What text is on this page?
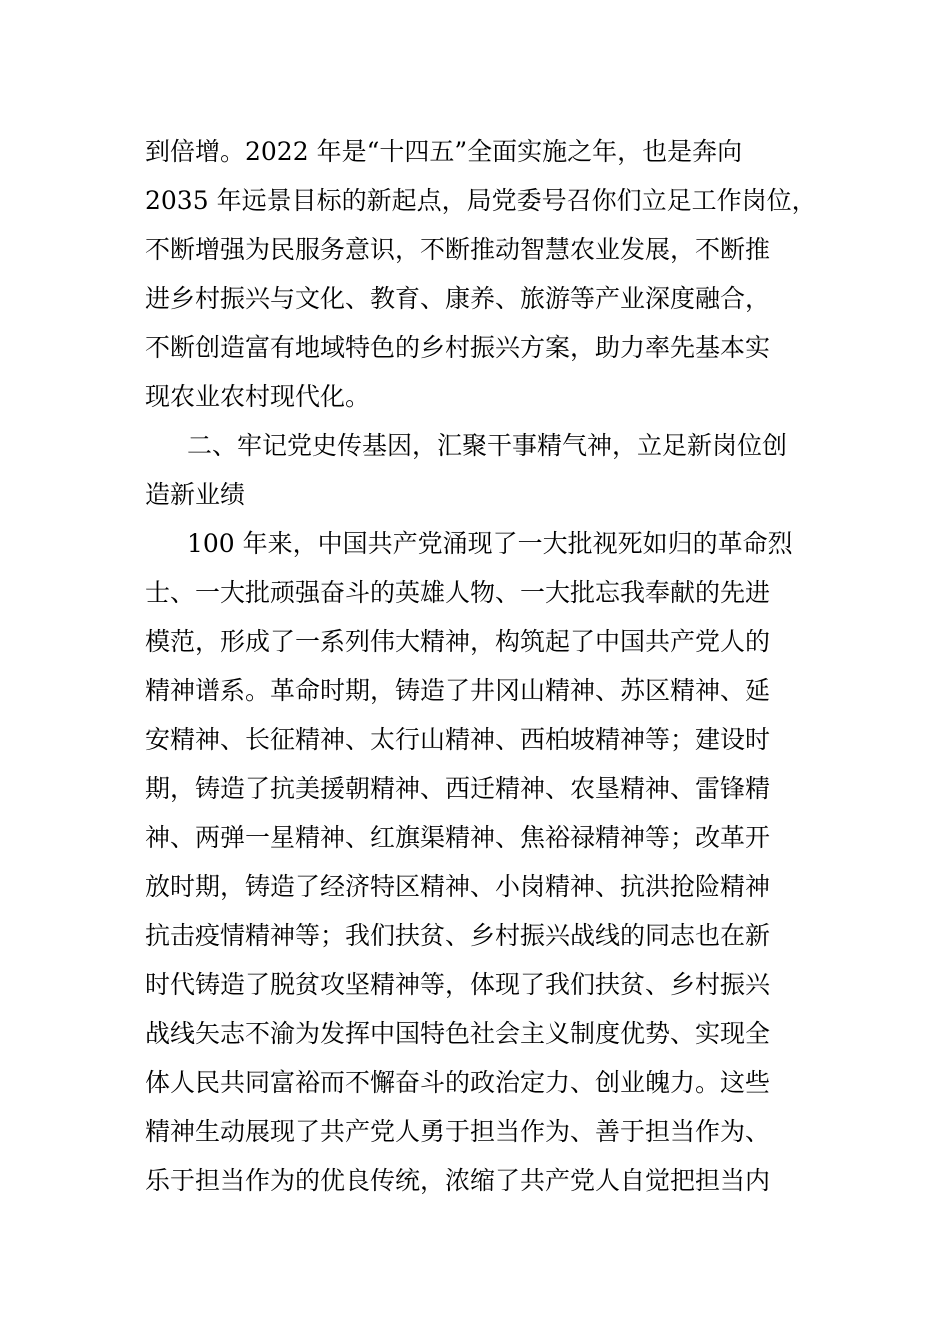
到倍增。2022 年是“十四五”全面实施之年，也是奔向
2035 年远景目标的新起点，局党委号召你们立足工作岗位，
不断增强为民服务意识，不断推动智慧农业发展，不断推
进乡村振兴与文化、教育、康养、旅游等产业深度融合，
不断创造富有地域特色的乡村振兴方案，助力率先基本实
现农业农村现代化。
二、牢记党史传基因，汇聚干事精气神，立足新岗位创
造新业绩
100 年来，中国共产党涌现了一大批视死如归的革命烈
士、一大批顽强奋斗的英雄人物、一大批忘我奉献的先进
模范，形成了一系列伟大精神，构筑起了中国共产党人的
精神谱系。革命时期，铸造了井冈山精神、苏区精神、延
安精神、长征精神、太行山精神、西柏坡精神等；建设时
期，铸造了抗美援朝精神、西迁精神、农垦精神、雷锋精
神、两弹一星精神、红旗渠精神、焦裕禄精神等；改革开
放时期，铸造了经济特区精神、小岗精神、抗洪抢险精神
抗击疫情精神等；我们扶贫、乡村振兴战线的同志也在新
时代铸造了脱贫攻坚精神等，体现了我们扶贫、乡村振兴
战线矢志不渝为发挥中国特色社会主义制度优势、实现全
体人民共同富裕而不懈奋斗的政治定力、创业魄力。这些
精神生动展现了共产党人勇于担当作为、善于担当作为、
乐于担当作为的优良传统，浓缩了共产党人自觉把担当内
